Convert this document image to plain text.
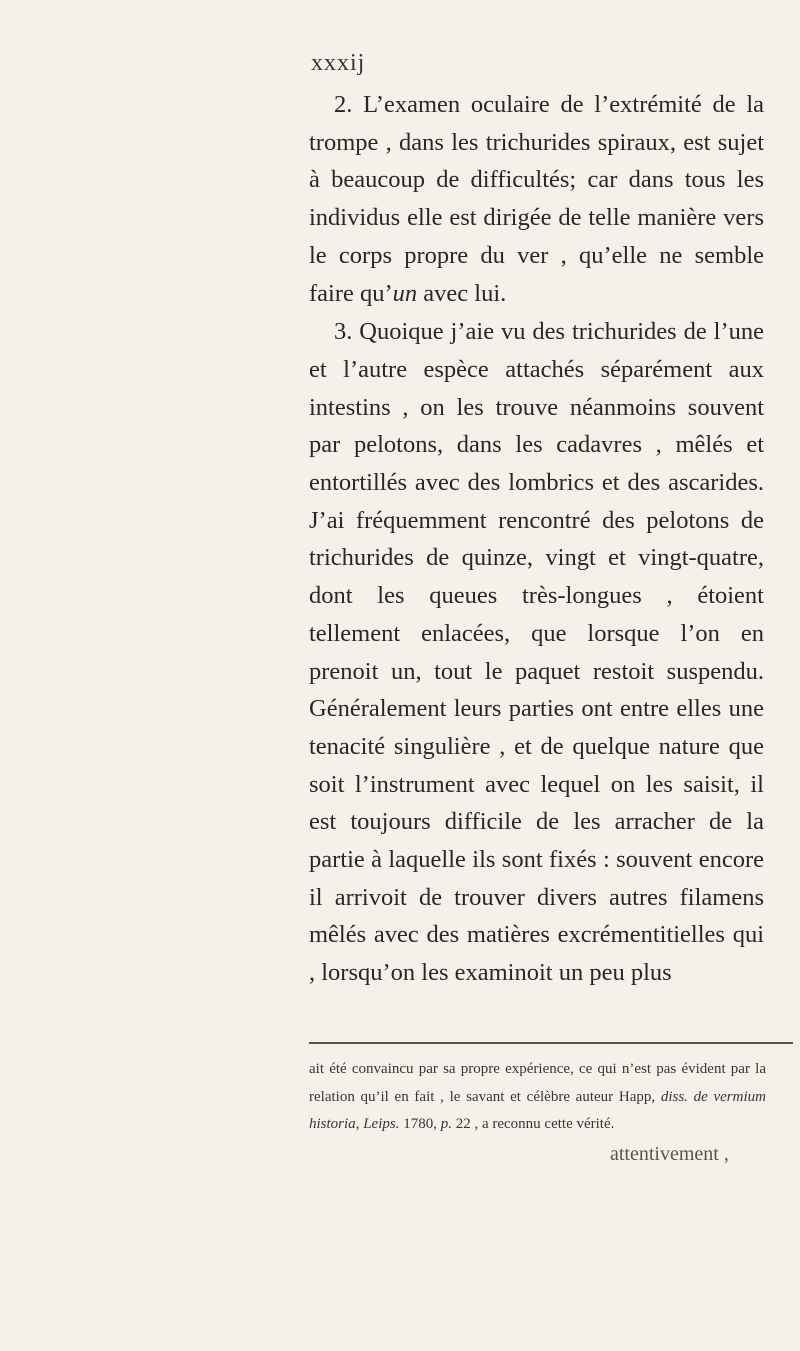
xxxij

2. L’examen oculaire de l’extrémité de la trompe , dans les trichurides spiraux, est sujet à beaucoup de difficultés; car dans tous les individus elle est dirigée de telle manière vers le corps propre du ver , qu’elle ne semble faire qu’un avec lui.

3. Quoique j’aie vu des trichurides de l’une et l’autre espèce attachés séparément aux intestins , on les trouve néanmoins souvent par pelotons, dans les cadavres , mêlés et entortillés avec des lombrics et des ascarides. J’ai fréquemment rencontré des pelotons de trichurides de quinze, vingt et vingt-quatre, dont les queues très-longues , étoient tellement enlacées, que lorsque l’on en prenoit un, tout le paquet restoit suspendu. Généralement leurs parties ont entre elles une tenacité singulière , et de quelque nature que soit l’instrument avec lequel on les saisit, il est toujours difficile de les arracher de la partie à laquelle ils sont fixés : souvent encore il arrivoit de trouver divers autres filamens mêlés avec des matières excrémentitielles qui , lorsqu’on les examinoit un peu plus

ait été convaincu par sa propre expérience, ce qui n’est pas évident par la relation qu’il en fait , le savant et célèbre auteur Happ, diss. de vermium historia, Leips. 1780, p. 22 , a reconnu cette vérité.

attentivement ,
